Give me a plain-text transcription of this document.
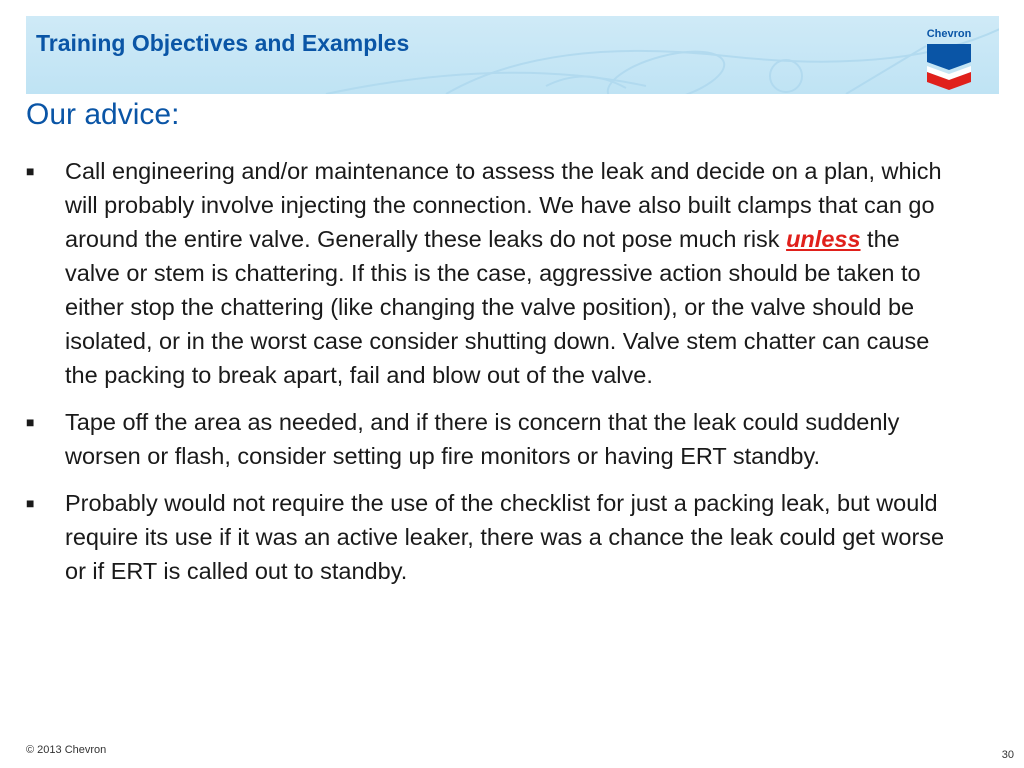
Training Objectives and Examples	Chevron
Our advice:
■	Call engineering and/or maintenance to assess the leak and decide on a plan, which will probably involve injecting the connection. We have also built clamps that can go around the entire valve. Generally these leaks do not pose much risk unless the valve or stem is chattering. If this is the case, aggressive action should be taken to either stop the chattering (like changing the valve position), or the valve should be isolated, or in the worst case consider shutting down. Valve stem chatter can cause the packing to break apart, fail and blow out of the valve.
■	Tape off the area as needed, and if there is concern that the leak could suddenly worsen or flash, consider setting up fire monitors or having ERT standby.
■	Probably would not require the use of the checklist for just a packing leak, but would require its use if it was an active leaker, there was a chance the leak could get worse or if ERT is called out to standby.
© 2013 Chevron	30
